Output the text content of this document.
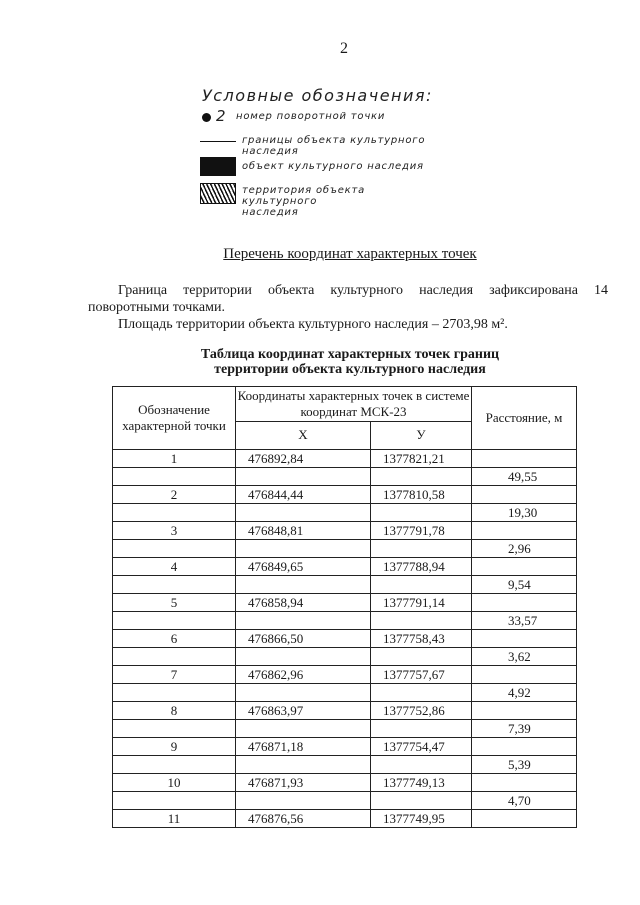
2
Условные обозначения:
2 номер поворотной точки
границы объекта культурного наследия
объект культурного наследия
территория объекта культурного
наследия
Перечень координат характерных точек
Граница территории объекта культурного наследия зафиксирована 14 поворотными точками.
Площадь территории объекта культурного наследия – 2703,98 м².
Таблица координат характерных точек границ
территории объекта культурного наследия
Обозначение характерной точки	Координаты характерных точек в системе координат МСК-23		Расстояние, м
	X	У	
1	476892,84	1377821,21	
			49,55
2	476844,44	1377810,58	
			19,30
3	476848,81	1377791,78	
			2,96
4	476849,65	1377788,94	
			9,54
5	476858,94	1377791,14	
			33,57
6	476866,50	1377758,43	
			3,62
7	476862,96	1377757,67	
			4,92
8	476863,97	1377752,86	
			7,39
9	476871,18	1377754,47	
			5,39
10	476871,93	1377749,13	
			4,70
11	476876,56	1377749,95	
